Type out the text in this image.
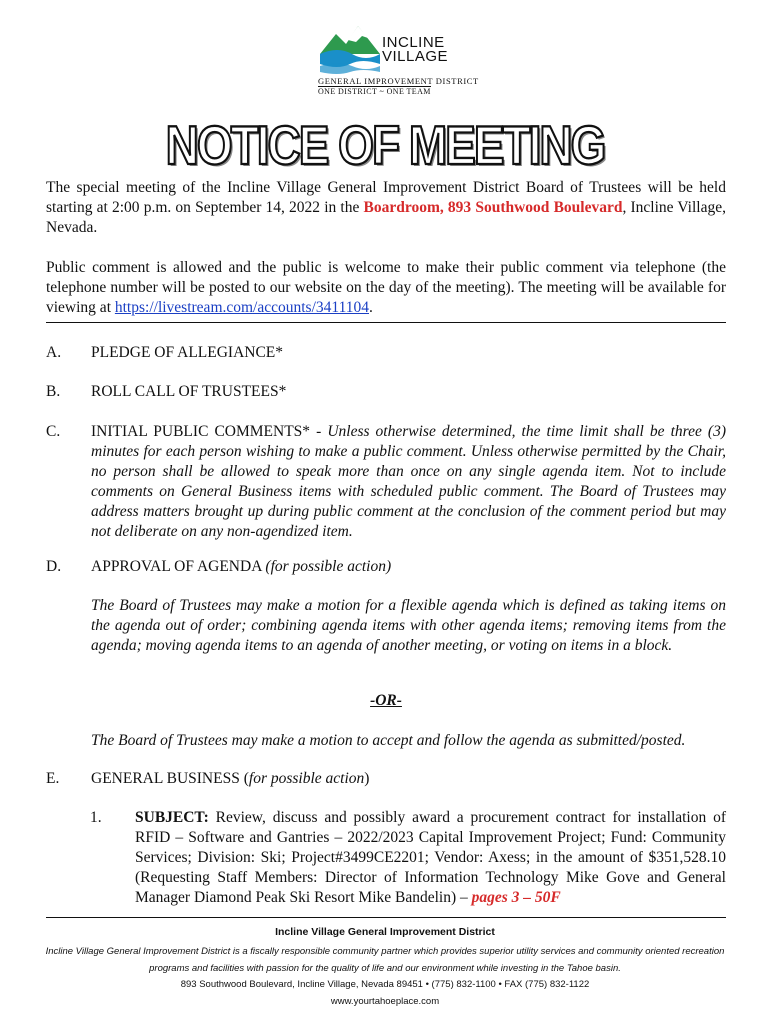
INCLINE
VILLAGE
GENERAL IMPROVEMENT DISTRICT
ONE DISTRICT ~ ONE TEAM
NOTICE OF MEETING
The special meeting of the Incline Village General Improvement District Board of Trustees will be held starting at 2:00 p.m. on September 14, 2022 in the Boardroom, 893 Southwood Boulevard, Incline Village, Nevada.
Public comment is allowed and the public is welcome to make their public comment via telephone (the telephone number will be posted to our website on the day of the meeting). The meeting will be available for viewing at https://livestream.com/accounts/3411104.
A. PLEDGE OF ALLEGIANCE*
B. ROLL CALL OF TRUSTEES*
C. INITIAL PUBLIC COMMENTS* - Unless otherwise determined, the time limit shall be three (3) minutes for each person wishing to make a public comment. Unless otherwise permitted by the Chair, no person shall be allowed to speak more than once on any single agenda item. Not to include comments on General Business items with scheduled public comment. The Board of Trustees may address matters brought up during public comment at the conclusion of the comment period but may not deliberate on any non-agendized item.
D. APPROVAL OF AGENDA (for possible action)
The Board of Trustees may make a motion for a flexible agenda which is defined as taking items on the agenda out of order; combining agenda items with other agenda items; removing items from the agenda; moving agenda items to an agenda of another meeting, or voting on items in a block.
-OR-
The Board of Trustees may make a motion to accept and follow the agenda as submitted/posted.
E. GENERAL BUSINESS (for possible action)
1. SUBJECT: Review, discuss and possibly award a procurement contract for installation of RFID – Software and Gantries – 2022/2023 Capital Improvement Project; Fund: Community Services; Division: Ski; Project#3499CE2201; Vendor: Axess; in the amount of $351,528.10 (Requesting Staff Members: Director of Information Technology Mike Gove and General Manager Diamond Peak Ski Resort Mike Bandelin) – pages 3 – 50F
Incline Village General Improvement District
Incline Village General Improvement District is a fiscally responsible community partner which provides superior utility services and community oriented recreation programs and facilities with passion for the quality of life and our environment while investing in the Tahoe basin.
893 Southwood Boulevard, Incline Village, Nevada 89451 • (775) 832-1100 • FAX (775) 832-1122
www.yourtahoeplace.com
